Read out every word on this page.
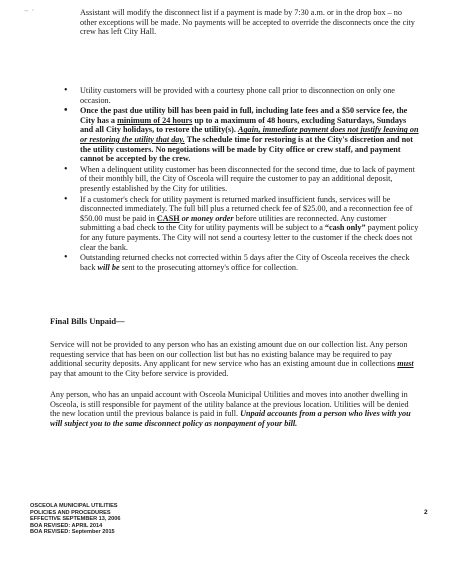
– ·	Assistant will modify the disconnect list if a payment is made by 7:30 a.m. or in the drop box – no other exceptions will be made. No payments will be accepted to override the disconnects once the city crew has left City Hall.

• Utility customers will be provided with a courtesy phone call prior to disconnection on only one occasion.
• Once the past due utility bill has been paid in full, including late fees and a $50 service fee, the City has a minimum of 24 hours up to a maximum of 48 hours, excluding Saturdays, Sundays and all City holidays, to restore the utility(s). Again, immediate payment does not justify leaving on or restoring the utility that day. The schedule time for restoring is at the City's discretion and not the utility customers. No negotiations will be made by City office or crew staff, and payment cannot be accepted by the crew.
• When a delinquent utility customer has been disconnected for the second time, due to lack of payment of their monthly bill, the City of Osceola will require the customer to pay an additional deposit, presently established by the City for utilities.
• If a customer's check for utility payment is returned marked insufficient funds, services will be disconnected immediately. The full bill plus a returned check fee of $25.00, and a reconnection fee of $50.00 must be paid in CASH or money order before utilities are reconnected. Any customer submitting a bad check to the City for utility payments will be subject to a “cash only” payment policy for any future payments. The City will not send a courtesy letter to the customer if the check does not clear the bank.
• Outstanding returned checks not corrected within 5 days after the City of Osceola receives the check back will be sent to the prosecuting attorney's office for collection.
Final Bills Unpaid—

Service will not be provided to any person who has an existing amount due on our collection list. Any person requesting service that has been on our collection list but has no existing balance may be required to pay additional security deposits. Any applicant for new service who has an existing amount due in collections must pay that amount to the City before service is provided.

Any person, who has an unpaid account with Osceola Municipal Utilities and moves into another dwelling in Osceola, is still responsible for payment of the utility balance at the previous location. Utilities will be denied the new location until the previous balance is paid in full. Unpaid accounts from a person who lives with you will subject you to the same disconnect policy as nonpayment of your bill.

OSCEOLA MUNICIPAL UTILITIES
POLICIES AND PROCEDURES
EFFECTIVE SEPTEMBER 13, 2006
BOA REVISED: APRIL 2014
BOA REVISED: September 2015
2
